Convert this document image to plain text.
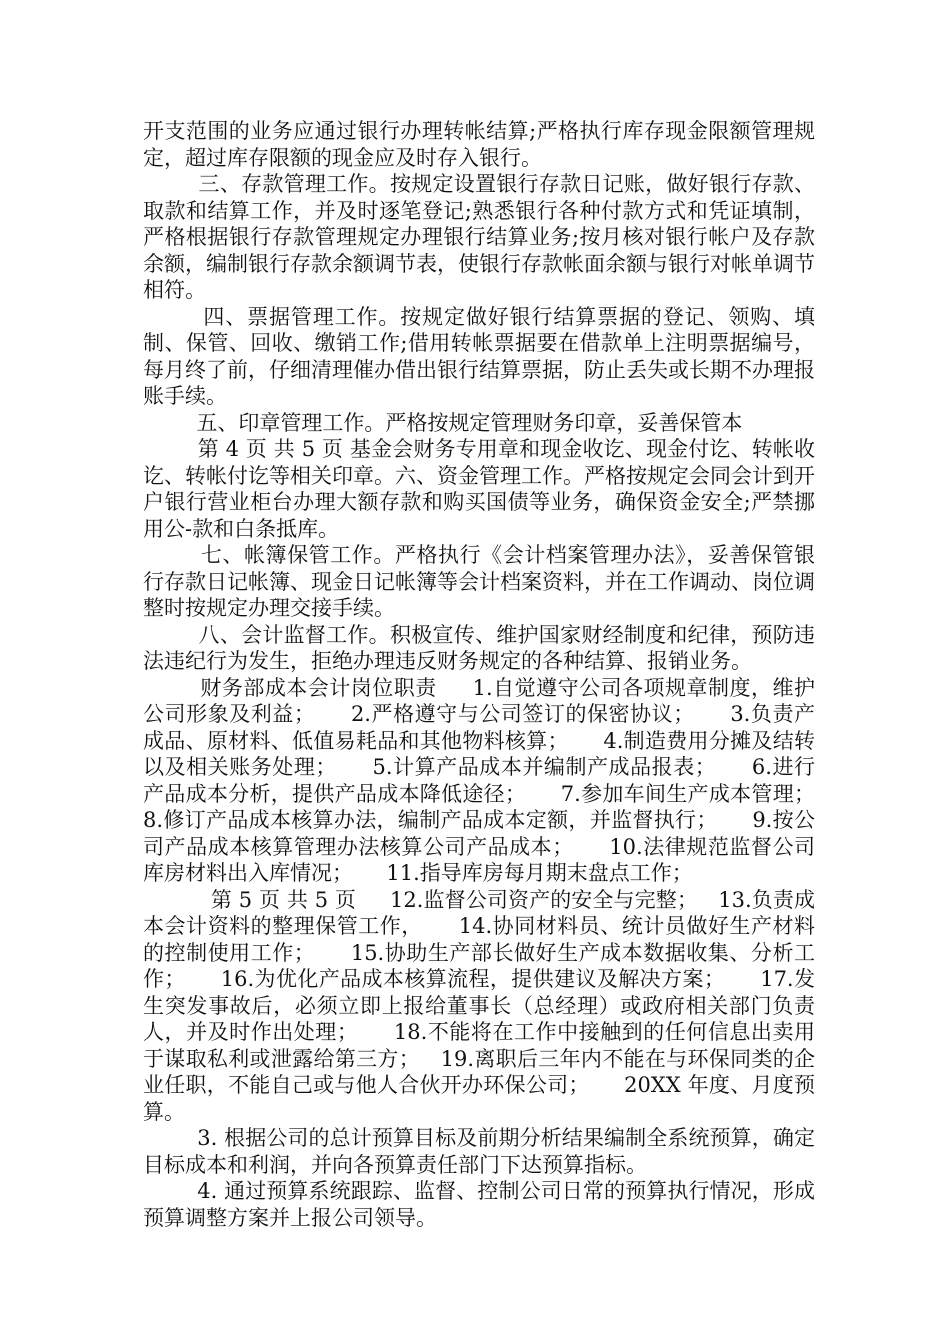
开支范围的业务应通过银行办理转帐结算;严格执行库存现金限额管理规定，超过库存限额的现金应及时存入银行。

三、存款管理工作。按规定设置银行存款日记账，做好银行存款、取款和结算工作，并及时逐笔登记;熟悉银行各种付款方式和凭证填制，严格根据银行存款管理规定办理银行结算业务;按月核对银行帐户及存款余额，编制银行存款余额调节表，使银行存款帐面余额与银行对帐单调节相符。

四、票据管理工作。按规定做好银行结算票据的登记、领购、填制、保管、回收、缴销工作;借用转帐票据要在借款单上注明票据编号，每月终了前，仔细清理催办借出银行结算票据，防止丢失或长期不办理报账手续。

五、印章管理工作。严格按规定管理财务印章，妥善保管本

第 4 页 共 5 页 基金会财务专用章和现金收讫、现金付讫、转帐收讫、转帐付讫等相关印章。六、资金管理工作。严格按规定会同会计到开户银行营业柜台办理大额存款和购买国债等业务，确保资金安全;严禁挪用公-款和白条抵库。

七、帐簿保管工作。严格执行《会计档案管理办法》，妥善保管银行存款日记帐簿、现金日记帐簿等会计档案资料，并在工作调动、岗位调整时按规定办理交接手续。

八、会计监督工作。积极宣传、维护国家财经制度和纪律，预防违法违纪行为发生，拒绝办理违反财务规定的各种结算、报销业务。

财务部成本会计岗位职责     1.自觉遵守公司各项规章制度，维护公司形象及利益；     2.严格遵守与公司签订的保密协议；     3.负责产成品、原材料、低值易耗品和其他物料核算；     4.制造费用分摊及结转以及相关账务处理；     5.计算产品成本并编制产成品报表；     6.进行产品成本分析，提供产品成本降低途径；     7.参加车间生产成本管理；     8.修订产品成本核算办法，编制产品成本定额，并监督执行；     9.按公司产品成本核算管理办法核算公司产品成本；     10.法律规范监督公司库房材料出入库情况；     11.指导库房每月期末盘点工作；

第 5 页 共 5 页     12.监督公司资产的安全与完整；   13.负责成本会计资料的整理保管工作，     14.协同材料员、统计员做好生产材料的控制使用工作；     15.协助生产部长做好生产成本数据收集、分析工作；     16.为优化产品成本核算流程，提供建议及解决方案；     17.发生突发事故后，必须立即上报给董事长（总经理）或政府相关部门负责人，并及时作出处理；     18.不能将在工作中接触到的任何信息出卖用于谋取私利或泄露给第三方；   19.离职后三年内不能在与环保同类的企业任职，不能自己或与他人合伙开办环保公司；     20XX 年度、月度预算。

3. 根据公司的总计预算目标及前期分析结果编制全系统预算，确定目标成本和利润，并向各预算责任部门下达预算指标。

4. 通过预算系统跟踪、监督、控制公司日常的预算执行情况，形成预算调整方案并上报公司领导。
